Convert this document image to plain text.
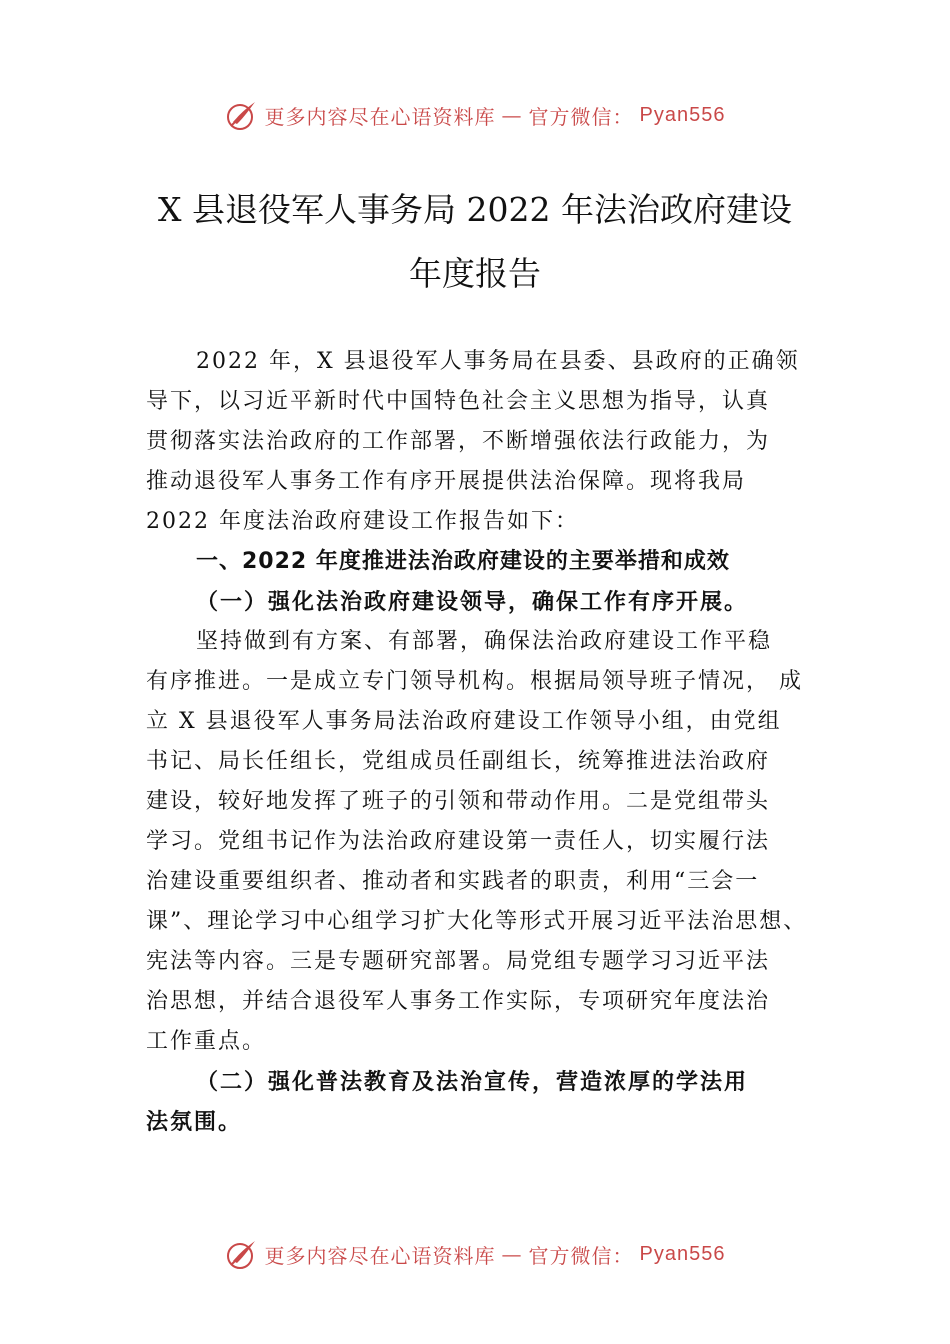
更多内容尽在心语资料库 — 官方微信： Pyan556
X 县退役军人事务局 2022 年法治政府建设
年度报告
2022 年，X 县退役军人事务局在县委、县政府的正确领
导下，以习近平新时代中国特色社会主义思想为指导，认真
贯彻落实法治政府的工作部署，不断增强依法行政能力，为
推动退役军人事务工作有序开展提供法治保障。现将我局
2022 年度法治政府建设工作报告如下：
一、2022 年度推进法治政府建设的主要举措和成效
（一）强化法治政府建设领导，确保工作有序开展。
坚持做到有方案、有部署，确保法治政府建设工作平稳
有序推进。一是成立专门领导机构。根据局领导班子情况， 成
立 X 县退役军人事务局法治政府建设工作领导小组，由党组
书记、局长任组长，党组成员任副组长，统筹推进法治政府
建设，较好地发挥了班子的引领和带动作用。二是党组带头
学习。党组书记作为法治政府建设第一责任人，切实履行法
治建设重要组织者、推动者和实践者的职责，利用“三会一
课”、理论学习中心组学习扩大化等形式开展习近平法治思想、
宪法等内容。三是专题研究部署。局党组专题学习习近平法
治思想，并结合退役军人事务工作实际，专项研究年度法治
工作重点。
（二）强化普法教育及法治宣传，营造浓厚的学法用
法氛围。
更多内容尽在心语资料库 — 官方微信： Pyan556
